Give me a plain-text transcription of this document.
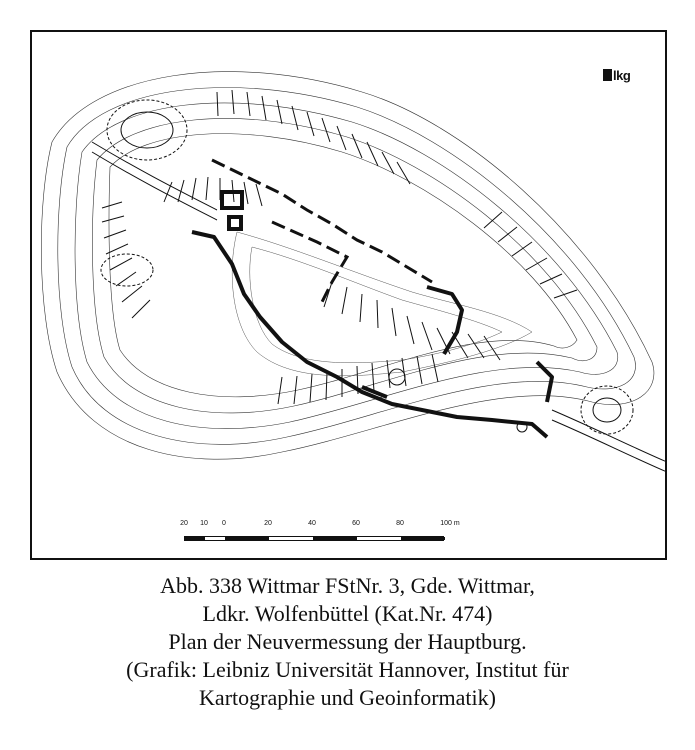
lkg
20 10 0	20	40	60	80	100 m
Abb. 338 Wittmar FStNr. 3, Gde. Wittmar,
Ldkr. Wolfenbüttel (Kat.Nr. 474)
Plan der Neuvermessung der Hauptburg.
(Grafik: Leibniz Universität Hannover, Institut für
Kartographie und Geoinformatik)
